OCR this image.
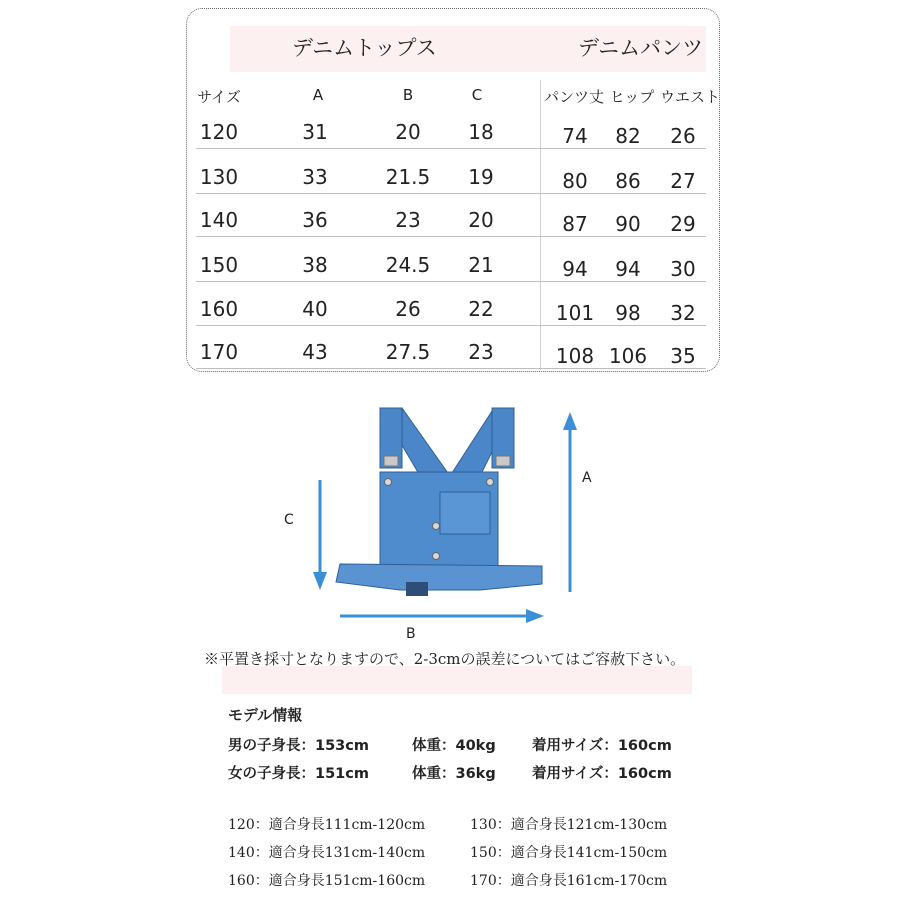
デニムトップス	デニムパンツ
サイズ	A	B	C	パンツ丈 ヒップ ウエスト
120	31	20 18	74 82 26
130	33	21.5 19	80 86 27
140	36	23 20	87 90 29
150	38	24.5 21	94 94 30
160	40	26 22	101 98 32
170	43	27.5 23	108 106 35
A
C
B
※平置き採寸となりますので、2-3cmの誤差についてはご容赦下さい。
モデル情報
男の子身長：153cm	体重：40kg	着用サイズ：160cm
女の子身長：151cm	体重：36kg	着用サイズ：160cm
120：適合身長111cm-120cm	130：適合身長121cm-130cm
140：適合身長131cm-140cm	150：適合身長141cm-150cm
160：適合身長151cm-160cm	170：適合身長161cm-170cm
